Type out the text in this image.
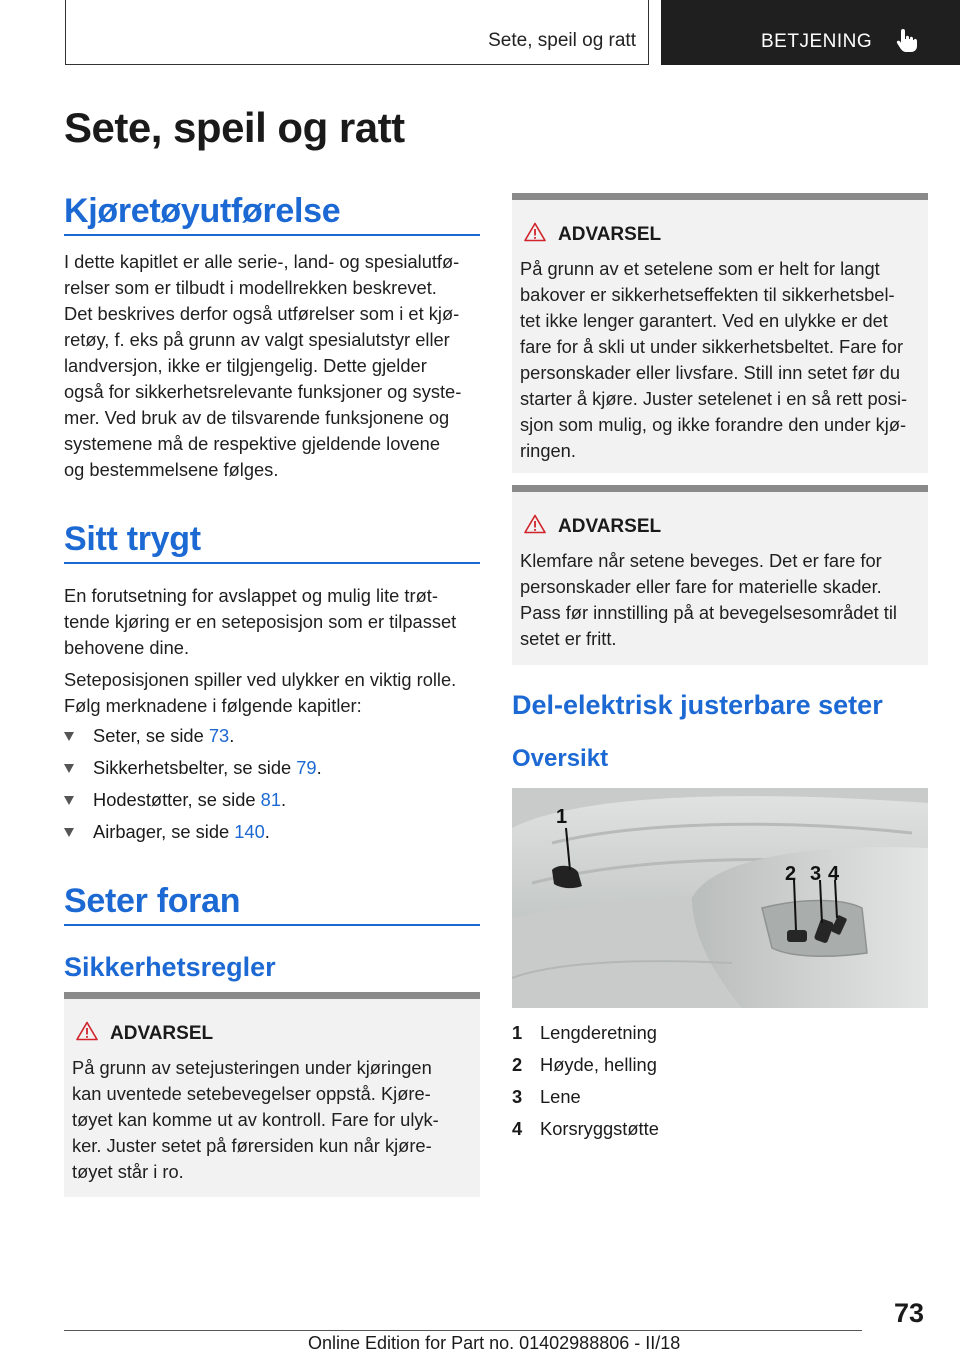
Sete, speil og ratt	BETJENING
Sete, speil og ratt
Kjøretøyutførelse
I dette kapitlet er alle serie-, land- og spesialutfø-
relser som er tilbudt i modellrekken beskrevet.
Det beskrives derfor også utførelser som i et kjø-
retøy, f. eks på grunn av valgt spesialutstyr eller
landversjon, ikke er tilgjengelig. Dette gjelder
også for sikkerhetsrelevante funksjoner og syste-
mer. Ved bruk av de tilsvarende funksjonene og
systemene må de respektive gjeldende lovene
og bestemmelsene følges.
Sitt trygt
En forutsetning for avslappet og mulig lite trøt-
tende kjøring er en seteposisjon som er tilpasset
behovene dine.
Seteposisjonen spiller ved ulykker en viktig rolle.
Følg merknadene i følgende kapitler:
Seter, se side 73.
Sikkerhetsbelter, se side 79.
Hodestøtter, se side 81.
Airbager, se side 140.
Seter foran
Sikkerhetsregler
ADVARSEL
På grunn av setejusteringen under kjøringen
kan uventede setebevegelser oppstå. Kjøre-
tøyet kan komme ut av kontroll. Fare for ulyk-
ker. Juster setet på førersiden kun når kjøre-
tøyet står i ro.
ADVARSEL
På grunn av et setelene som er helt for langt
bakover er sikkerhetseffekten til sikkerhetsbel-
tet ikke lenger garantert. Ved en ulykke er det
fare for å skli ut under sikkerhetsbeltet. Fare for
personskader eller livsfare. Still inn setet før du
starter å kjøre. Juster setelenet i en så rett posi-
sjon som mulig, og ikke forandre den under kjø-
ringen.
ADVARSEL
Klemfare når setene beveges. Det er fare for
personskader eller fare for materielle skader.
Pass før innstilling på at bevegelsesområdet til
setet er fritt.
Del-elektrisk justerbare seter
Oversikt
1
2 3 4
1 Lengderetning
2 Høyde, helling
3 Lene
4 Korsryggstøtte
73
Online Edition for Part no. 01402988806 - II/18
